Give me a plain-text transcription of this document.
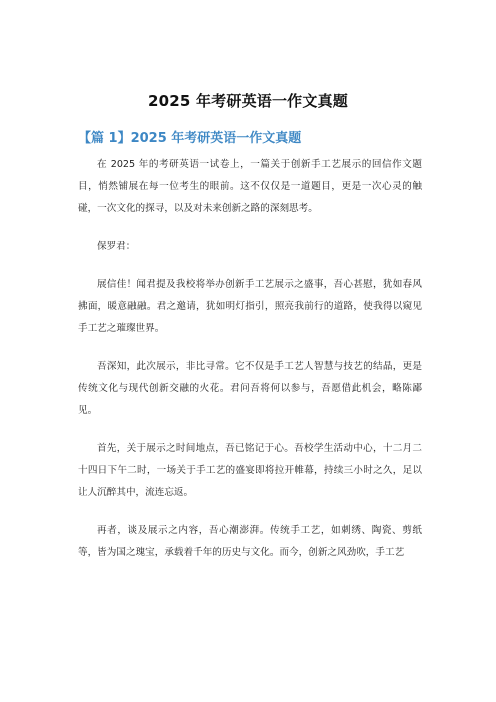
2025 年考研英语一作文真题
【篇 1】2025 年考研英语一作文真题

在 2025 年的考研英语一试卷上，一篇关于创新手工艺展示的回信作文题目，悄然铺展在每一位考生的眼前。这不仅仅是一道题目，更是一次心灵的触碰，一次文化的探寻，以及对未来创新之路的深刻思考。

保罗君：

展信佳！闻君提及我校将举办创新手工艺展示之盛事，吾心甚慰，犹如春风拂面，暖意融融。君之邀请，犹如明灯指引，照亮我前行的道路，使我得以窥见手工艺之璀璨世界。

吾深知，此次展示，非比寻常。它不仅是手工艺人智慧与技艺的结晶，更是传统文化与现代创新交融的火花。君问吾将何以参与，吾愿借此机会，略陈鄙见。

首先，关于展示之时间地点，吾已铭记于心。吾校学生活动中心，十二月二十四日下午二时，一场关于手工艺的盛宴即将拉开帷幕，持续三小时之久，足以让人沉醉其中，流连忘返。

再者，谈及展示之内容，吾心潮澎湃。传统手工艺，如刺绣、陶瓷、剪纸等，皆为国之瑰宝，承载着千年的历史与文化。而今，创新之风劲吹，手工艺
